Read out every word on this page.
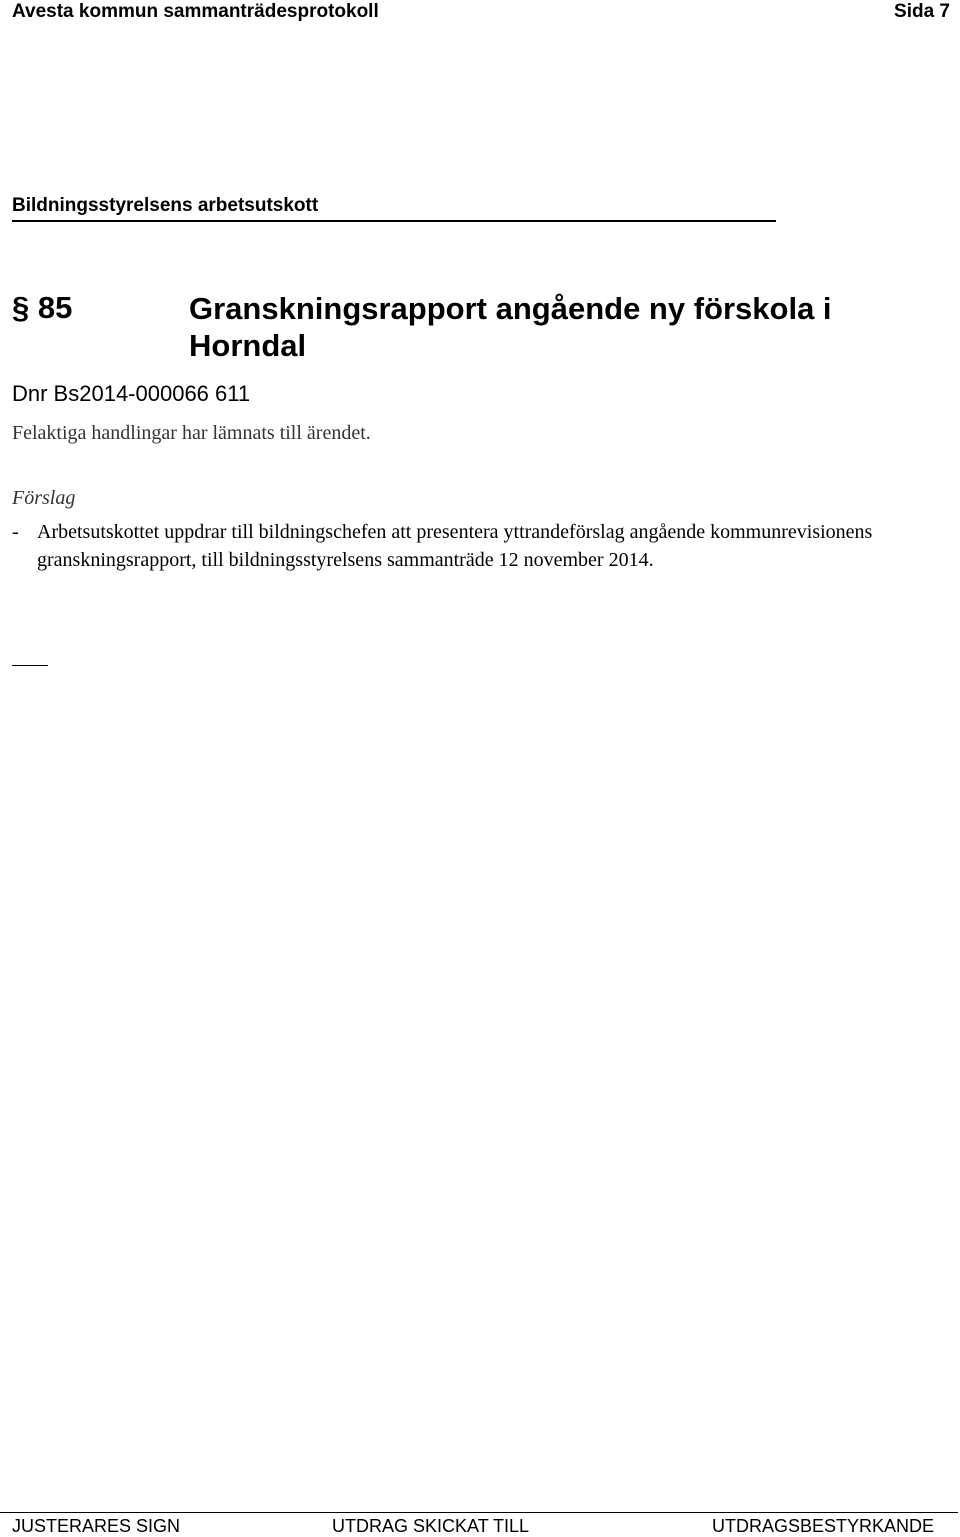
Avesta kommun sammanträdesprotokoll	Sida 7
Bildningsstyrelsens arbetsutskott
§ 85	Granskningsrapport angående ny förskola i Horndal
Dnr Bs2014-000066 611
Felaktiga handlingar har lämnats till ärendet.
Förslag
- Arbetsutskottet uppdrar till bildningschefen att presentera yttrandeförslag angående kommunrevisionens granskningsrapport, till bildningsstyrelsens sammanträde 12 november 2014.
JUSTERARES SIGN	UTDRAG SKICKAT TILL	UTDRAGSBESTYRKANDE
